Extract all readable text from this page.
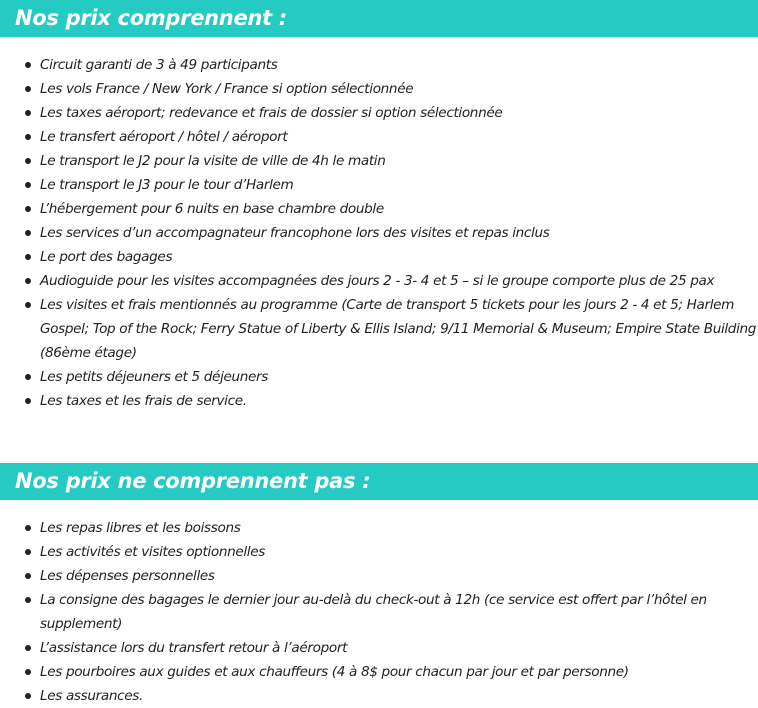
Nos prix comprennent :
Circuit garanti de 3 à 49 participants
Les vols France / New York / France si option sélectionnée
Les taxes aéroport; redevance et frais de dossier si option sélectionnée
Le transfert aéroport / hôtel / aéroport
Le transport le J2 pour la visite de ville de 4h le matin
Le transport le J3 pour le tour d’Harlem
L’hébergement pour 6 nuits en base chambre double
Les services d’un accompagnateur francophone lors des visites et repas inclus
Le port des bagages
Audioguide pour les visites accompagnées des jours 2 - 3- 4 et 5 – si le groupe comporte plus de 25 pax
Les visites et frais mentionnés au programme (Carte de transport 5 tickets pour les jours 2 - 4 et 5; Harlem Gospel; Top of the Rock; Ferry Statue of Liberty & Ellis Island; 9/11 Memorial & Museum; Empire State Building (86ème étage)
Les petits déjeuners et 5 déjeuners
Les taxes et les frais de service.
Nos prix ne comprennent pas :
Les repas libres et les boissons
Les activités et visites optionnelles
Les dépenses personnelles
La consigne des bagages le dernier jour au-delà du check-out à 12h (ce service est offert par l’hôtel en supplement)
L’assistance lors du transfert retour à l’aéroport
Les pourboires aux guides et aux chauffeurs (4 à 8$ pour chacun par jour et par personne)
Les assurances.
